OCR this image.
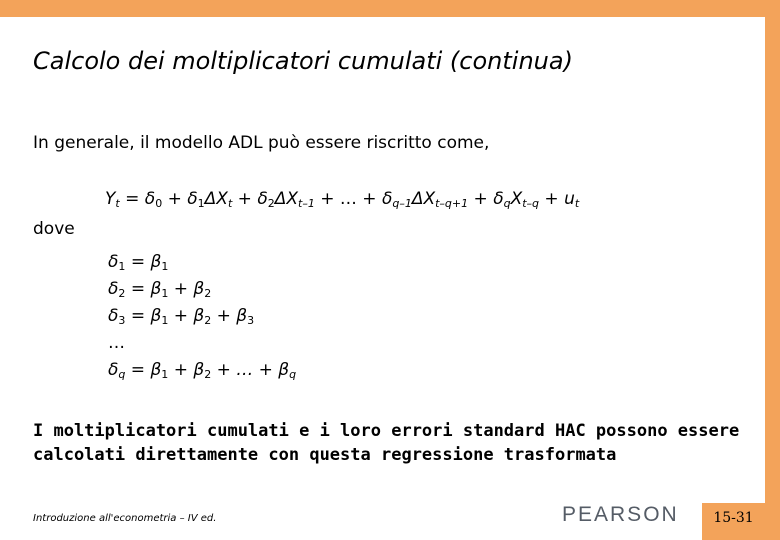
Calcolo dei moltiplicatori cumulati (continua)
In generale, il modello ADL può essere riscritto come,
$Y_t = \delta_0 + \delta_1\Delta X_t + \delta_2\Delta X_{t-1}$ + … + $\delta_{q-1}\Delta X_{t-q+1} + \delta_qX_{t-q} + u_t$
dove
$\delta_1 = \beta_1$
$\delta_2 = \beta_1 + \beta_2$
$\delta_3 = \beta_1 + \beta_2 + \beta_3$
…
$\delta_q = \beta_1 + \beta_2$ + … + $\beta_q$
I moltiplicatori cumulati e i loro errori standard HAC possono essere calcolati direttamente con questa regressione trasformata
Introduzione all'econometria – IV ed.	PEARSON	15-31
